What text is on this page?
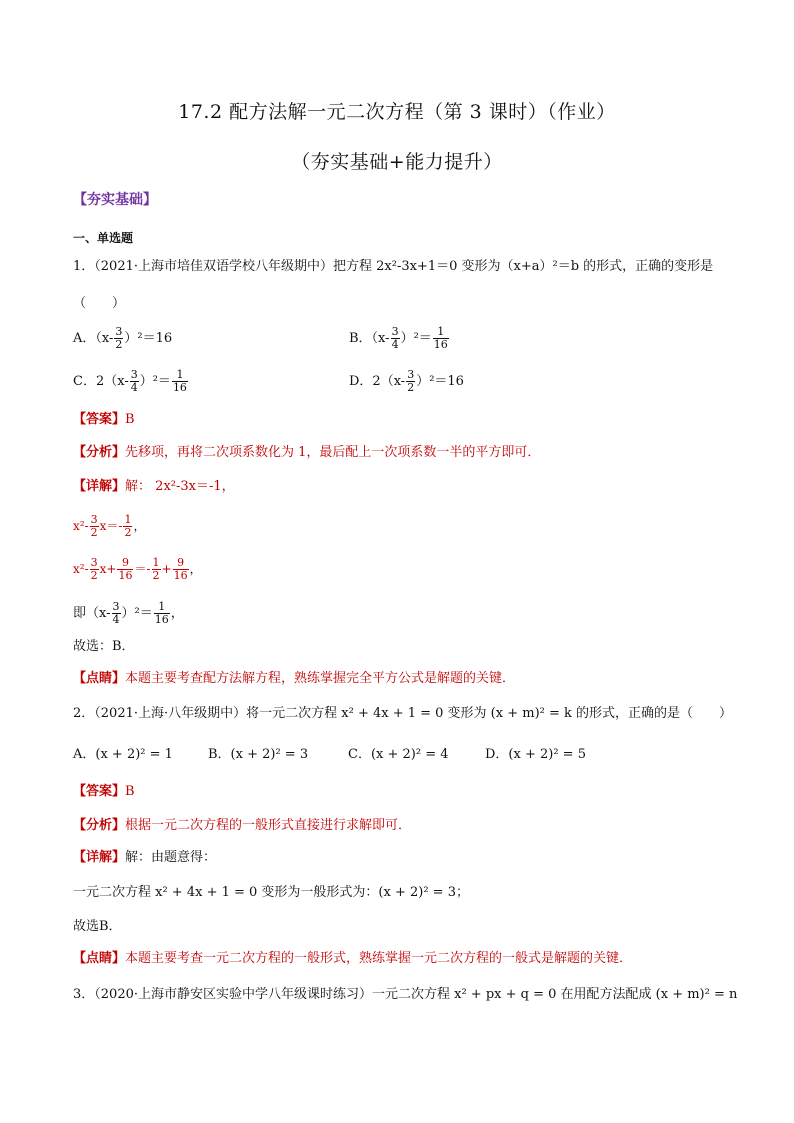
17.2 配方法解一元二次方程（第 3 课时）（作业）
（夯实基础+能力提升）
【夯实基础】
一、单选题
1．（2021·上海市培佳双语学校八年级期中）把方程 2x²-3x+1＝0 变形为（x+a）²＝b 的形式，正确的变形是
（　　）
A．$(x- \frac{3}{2} )^2=16$	B．$(x- \frac{3}{4} )^2= \frac{1}{16}$
C．$2(x- \frac{3}{4} )^2= \frac{1}{16}$	D．$2(x- \frac{3}{2} )^2=16$
【答案】B
【分析】先移项，再将二次项系数化为 1，最后配上一次项系数一半的平方即可．
【详解】解： 2x²-3x＝-1，
$x^2- \frac{3}{2} x=- \frac{1}{2}$ ，
$x^2- \frac{3}{2} x+ \frac{9}{16} =- \frac{1}{2} + \frac{9}{16}$ ，
即$(x- \frac{3}{4} )^2= \frac{1}{16}$ ，
故选：B．
【点睛】本题主要考查配方法解方程，熟练掌握完全平方公式是解题的关键．
2．（2021·上海·八年级期中）将一元二次方程 x² + 4x + 1 = 0 变形为 (x + m)² = k 的形式，正确的是（　　）
A．(x + 2)² = 1	B．(x + 2)² = 3	C．(x + 2)² = 4	D．(x + 2)² = 5
【答案】B
【分析】根据一元二次方程的一般形式直接进行求解即可．
【详解】解：由题意得：
一元二次方程 x² + 4x + 1 = 0 变形为一般形式为：(x + 2)² = 3；
故选B．
【点睛】本题主要考查一元二次方程的一般形式，熟练掌握一元二次方程的一般式是解题的关键．
3．（2020·上海市静安区实验中学八年级课时练习）一元二次方程 x² + px + q = 0 在用配方法配成 (x + m)² = n
